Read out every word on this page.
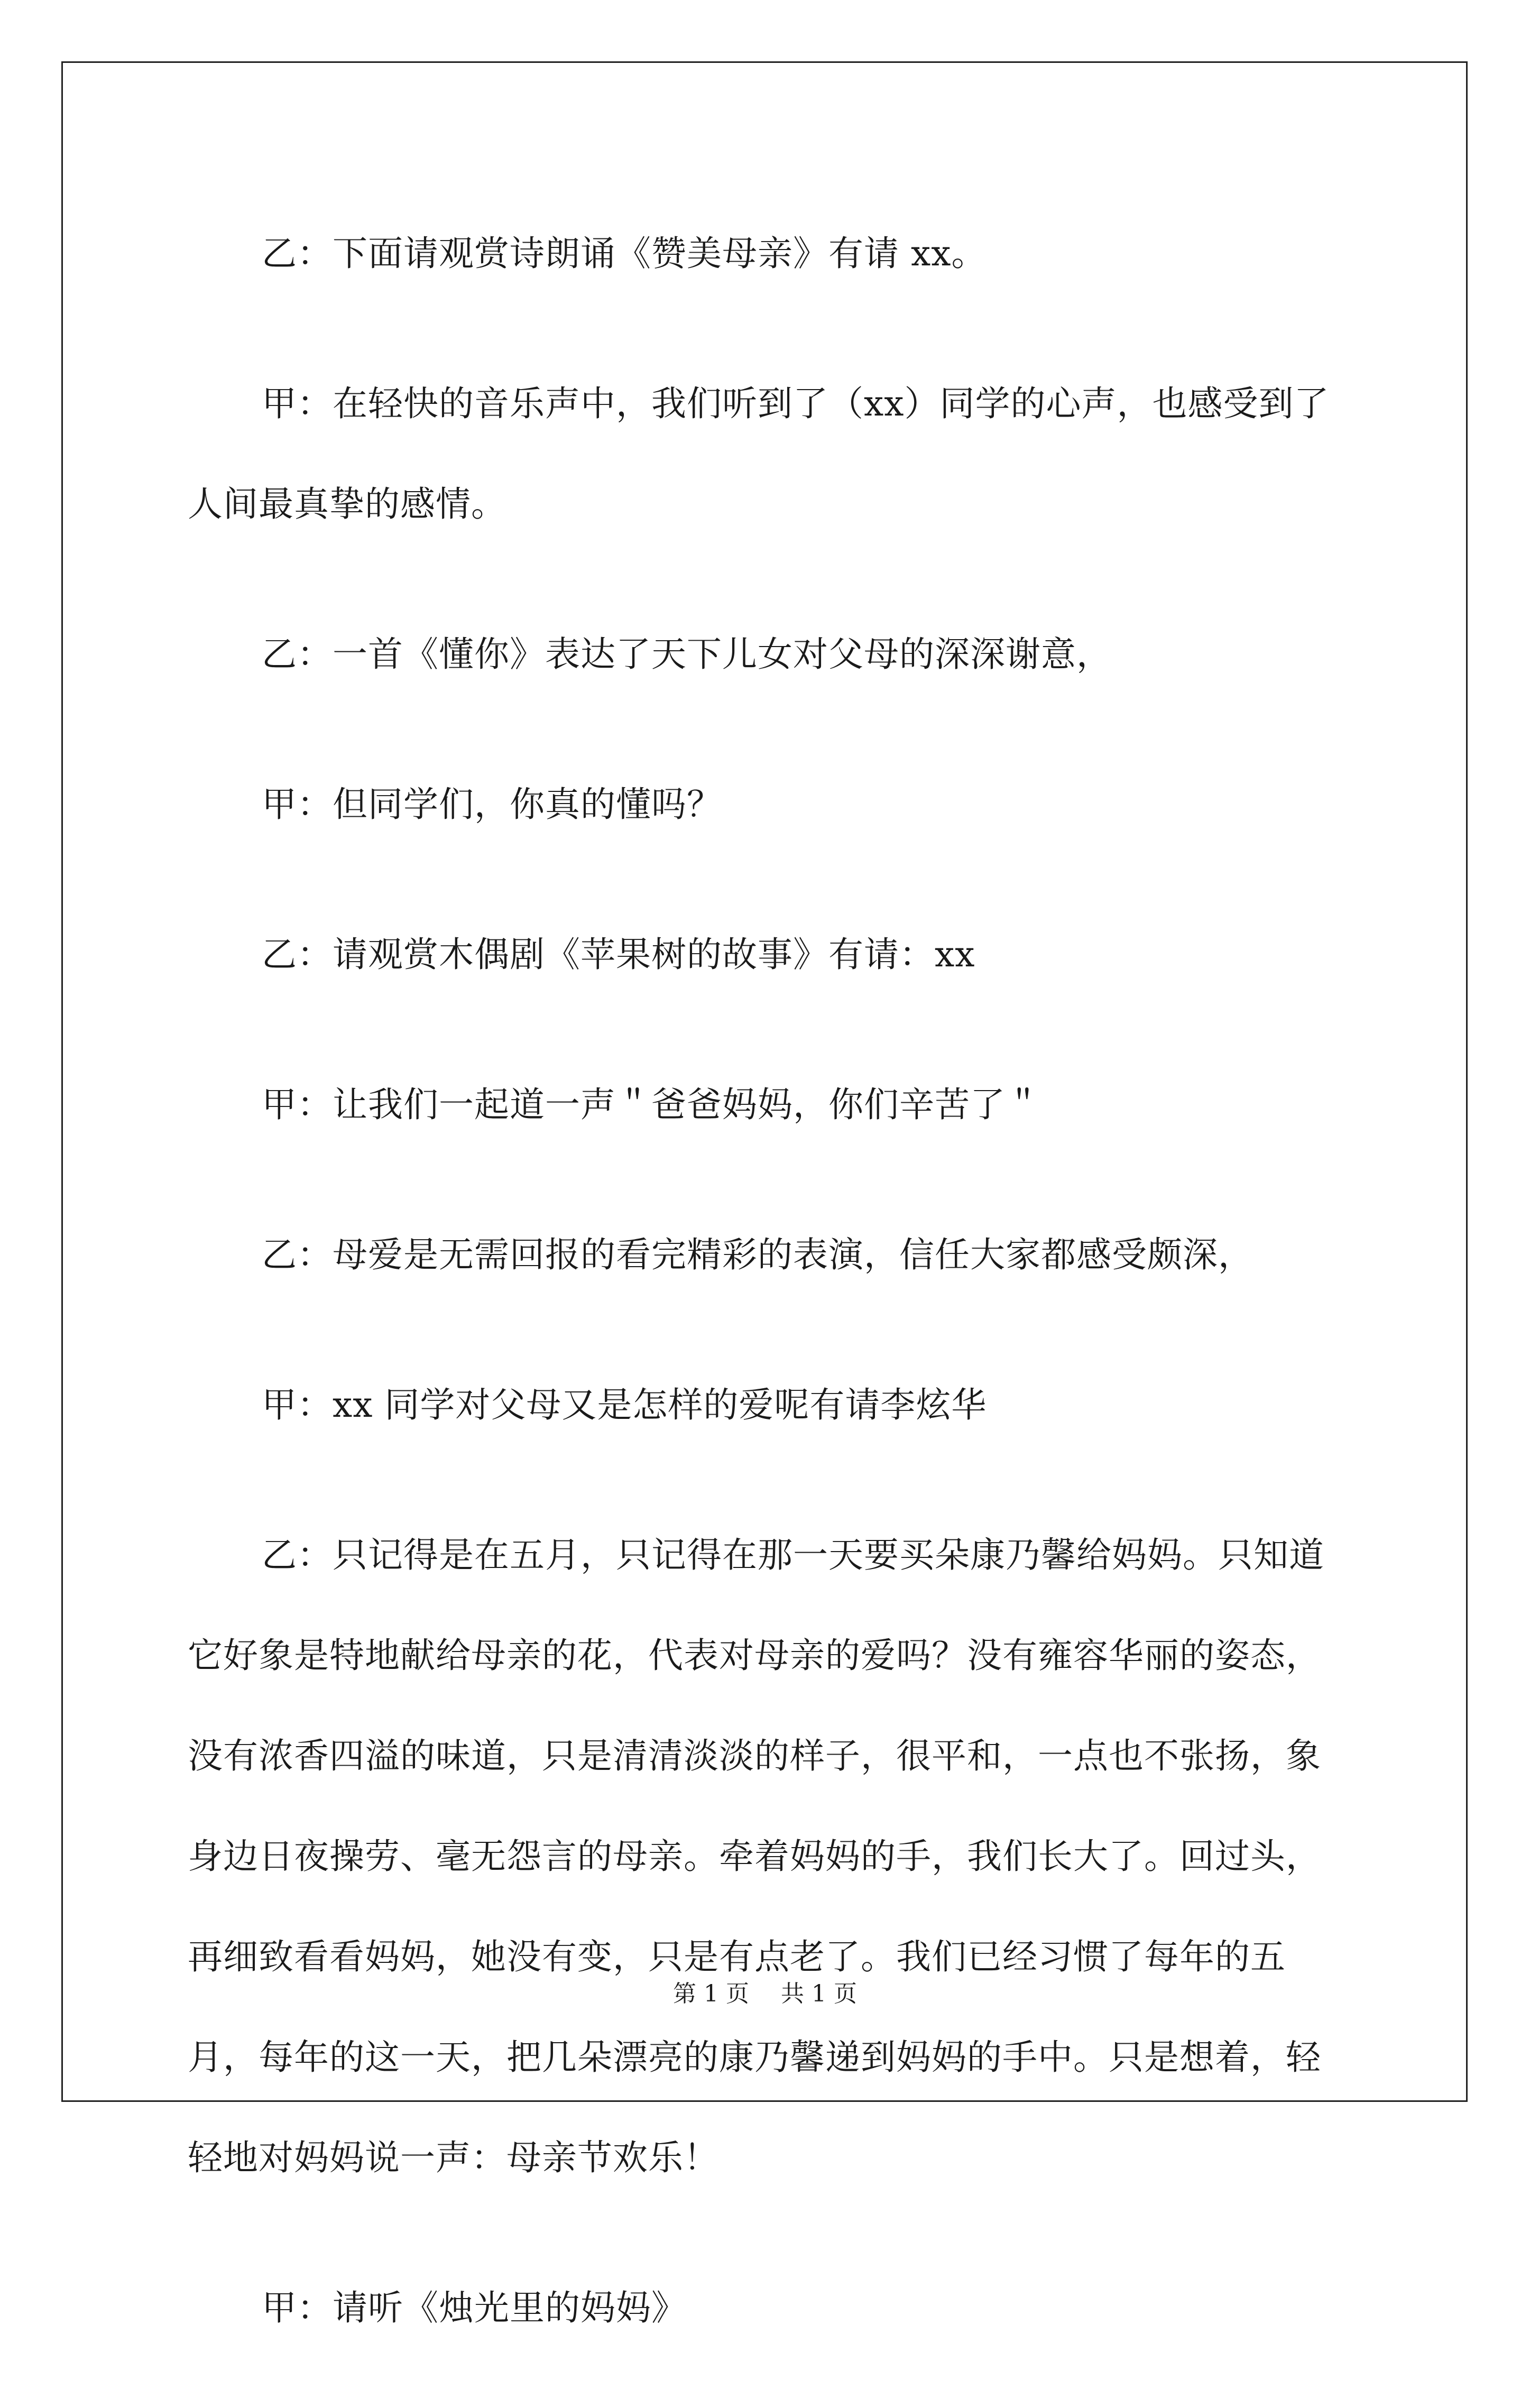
乙：下面请观赏诗朗诵《赞美母亲》有请 xx。

甲：在轻快的音乐声中，我们听到了（xx）同学的心声，也感受到了人间最真挚的感情。

乙：一首《懂你》表达了天下儿女对父母的深深谢意，

甲：但同学们，你真的懂吗？

乙：请观赏木偶剧《苹果树的故事》有请：xx

甲：让我们一起道一声＂爸爸妈妈，你们辛苦了＂

乙：母爱是无需回报的看完精彩的表演，信任大家都感受颇深，

甲：xx 同学对父母又是怎样的爱呢有请李炫华

乙：只记得是在五月，只记得在那一天要买朵康乃馨给妈妈。只知道它好象是特地献给母亲的花，代表对母亲的爱吗？没有雍容华丽的姿态，没有浓香四溢的味道，只是清清淡淡的样子，很平和，一点也不张扬，象身边日夜操劳、毫无怨言的母亲。牵着妈妈的手，我们长大了。回过头，再细致看看妈妈，她没有变，只是有点老了。我们已经习惯了每年的五月，每年的这一天，把几朵漂亮的康乃馨递到妈妈的手中。只是想着，轻轻地对妈妈说一声：母亲节欢乐！

甲：请听《烛光里的妈妈》

第 1 页 共 1 页
